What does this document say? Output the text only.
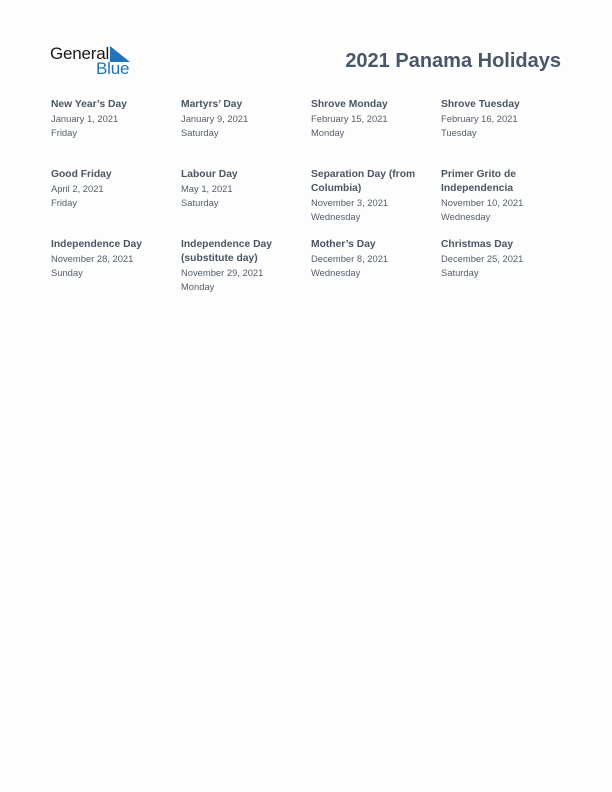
General
Blue	2021 Panama Holidays
New Year’s Day
January 1, 2021
Friday
Martyrs’ Day
January 9, 2021
Saturday
Shrove Monday
February 15, 2021
Monday
Shrove Tuesday
February 16, 2021
Tuesday
Good Friday
April 2, 2021
Friday
Labour Day
May 1, 2021
Saturday
Separation Day (from Columbia)
November 3, 2021
Wednesday
Primer Grito de Independencia
November 10, 2021
Wednesday
Independence Day
November 28, 2021
Sunday
Independence Day (substitute day)
November 29, 2021
Monday
Mother’s Day
December 8, 2021
Wednesday
Christmas Day
December 25, 2021
Saturday
